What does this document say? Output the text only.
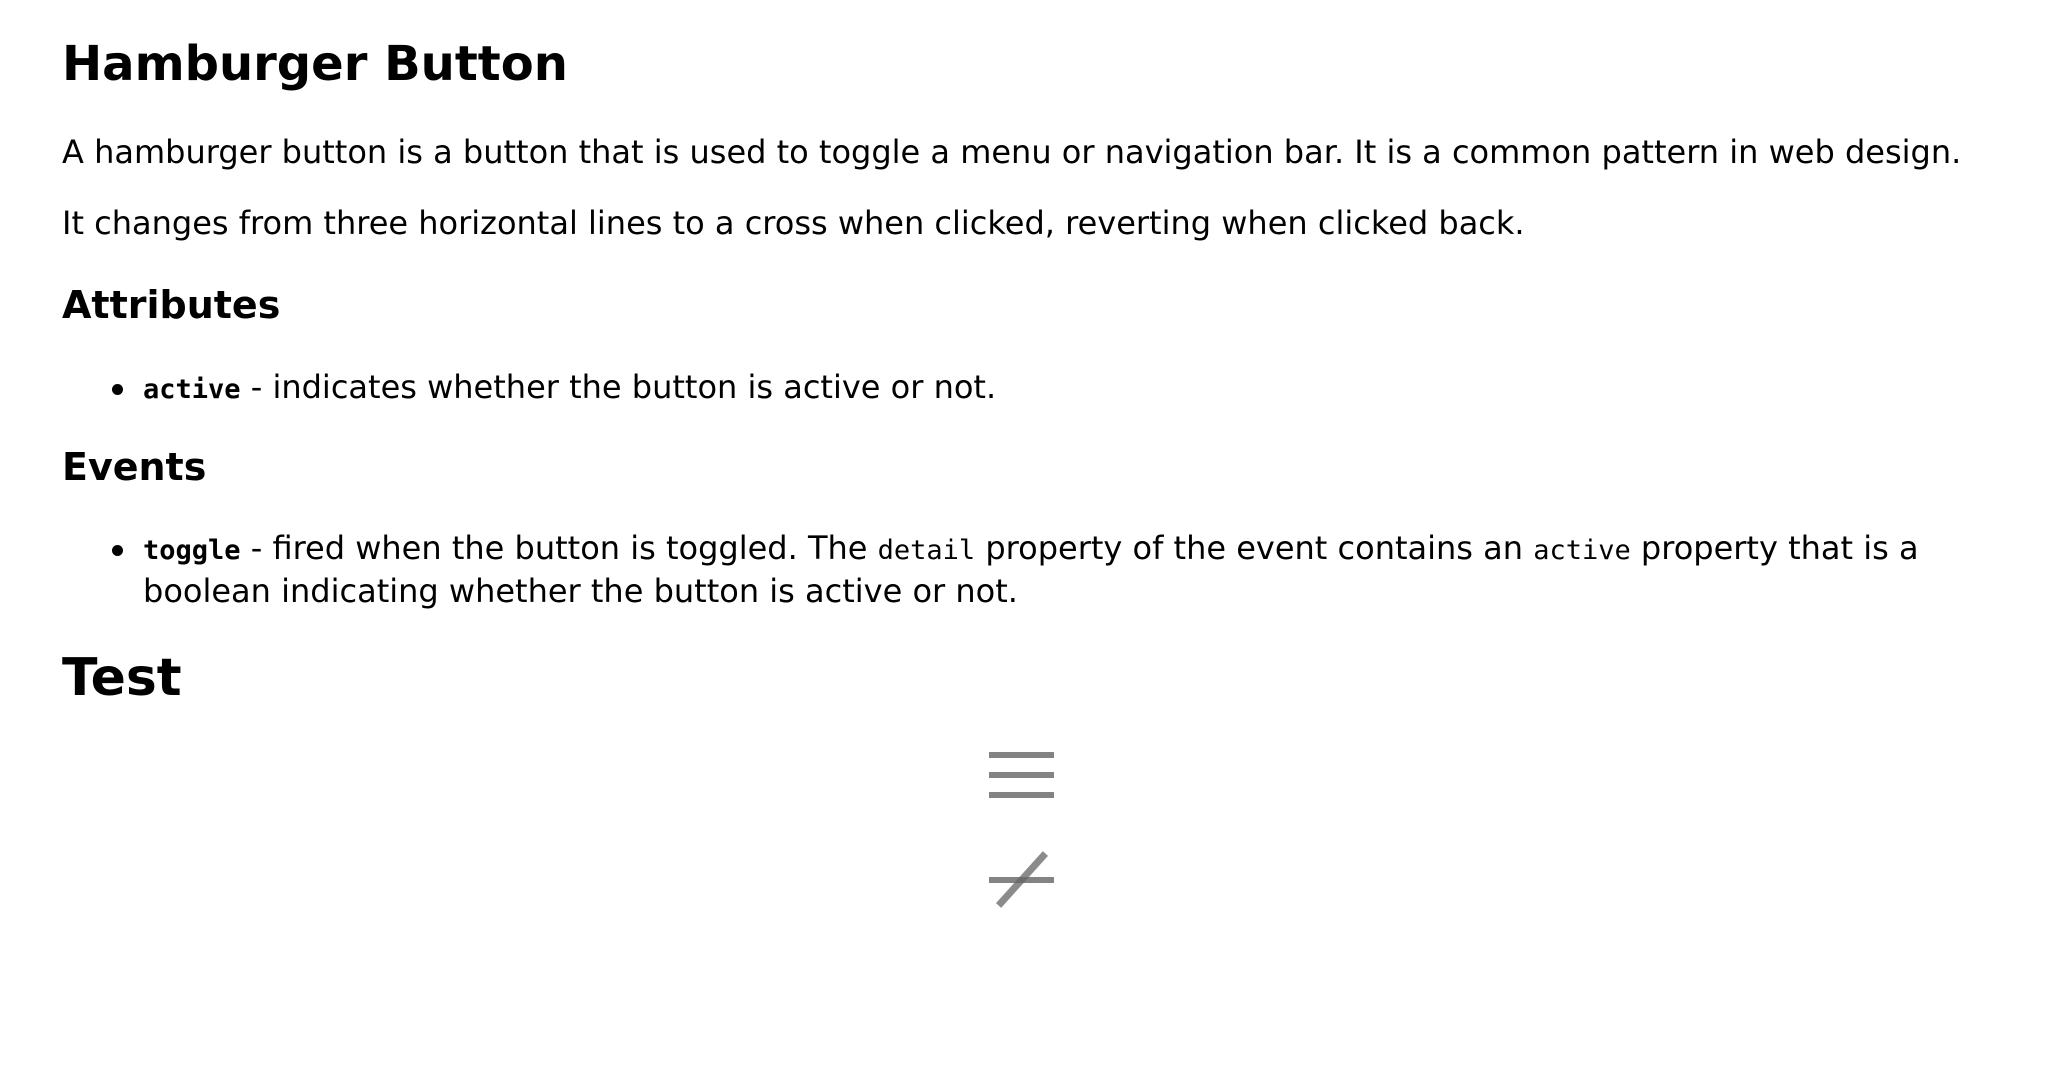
Hamburger Button

A hamburger button is a button that is used to toggle a menu or navigation bar. It is a common pattern in web design.

It changes from three horizontal lines to a cross when clicked, reverting when clicked back.

Attributes
active - indicates whether the button is active or not.
Events
toggle - fired when the button is toggled. The detail property of the event contains an active property that is a boolean indicating whether the button is active or not.
Test
